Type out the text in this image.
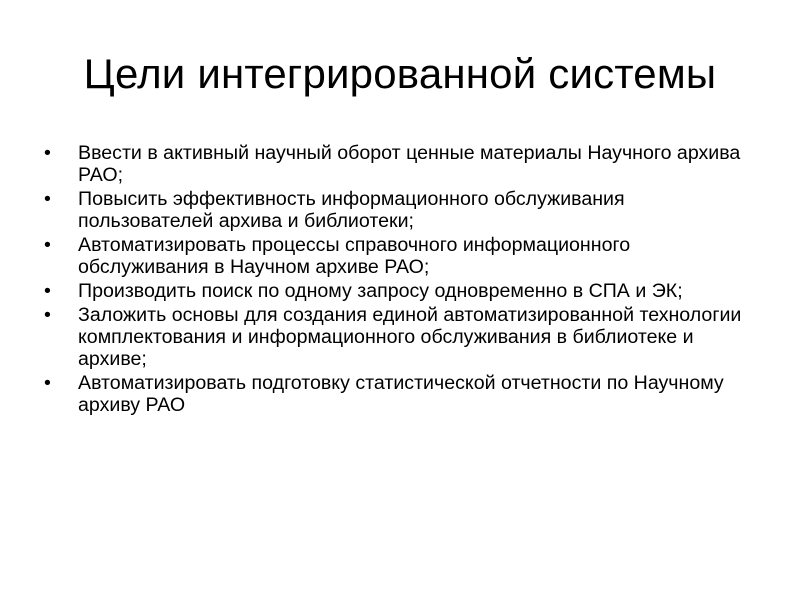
Цели интегрированной системы
•	Ввести в активный научный оборот ценные материалы Научного архива РАО;
•	Повысить эффективность информационного обслуживания пользователей архива и библиотеки;
•	Автоматизировать процессы справочного информационного обслуживания в Научном архиве РАО;
•	Производить поиск по одному запросу одновременно в СПА и ЭК;
•	Заложить основы для создания единой автоматизированной технологии комплектования и информационного обслуживания в библиотеке и архиве;
•	Автоматизировать подготовку статистической отчетности по Научному архиву РАО
